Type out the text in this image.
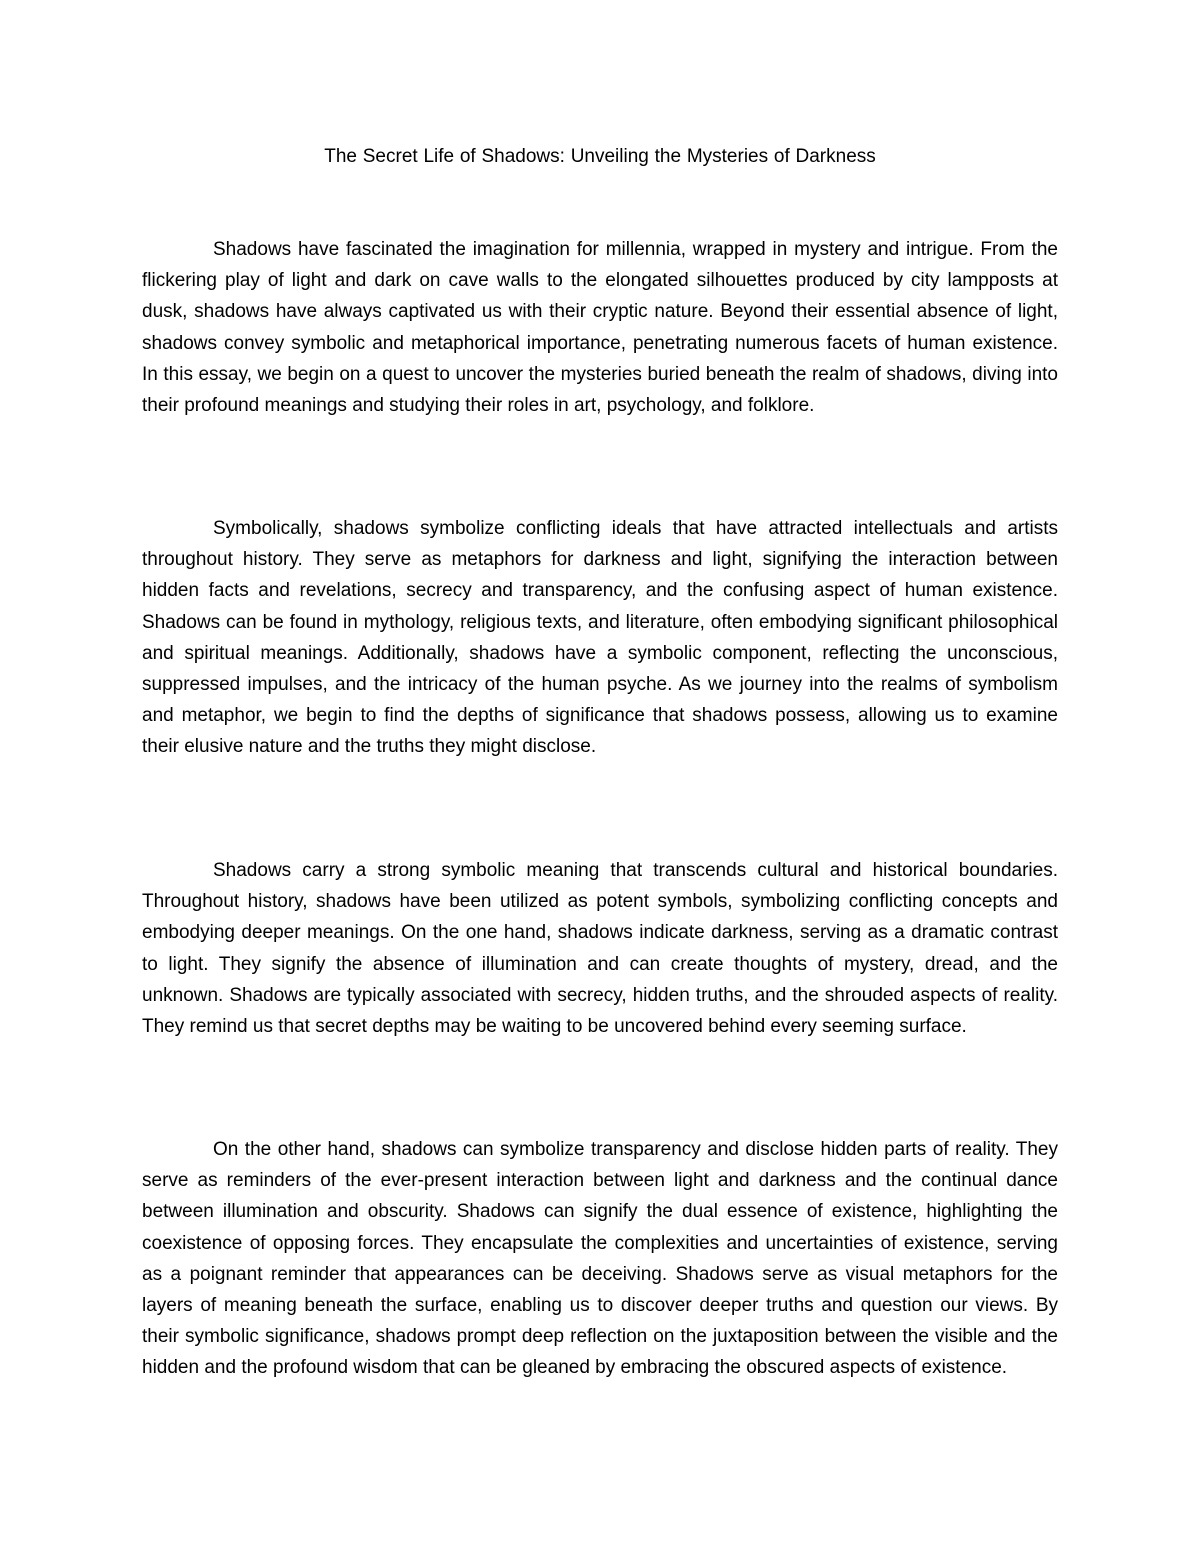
The Secret Life of Shadows: Unveiling the Mysteries of Darkness

Shadows have fascinated the imagination for millennia, wrapped in mystery and intrigue. From the flickering play of light and dark on cave walls to the elongated silhouettes produced by city lampposts at dusk, shadows have always captivated us with their cryptic nature. Beyond their essential absence of light, shadows convey symbolic and metaphorical importance, penetrating numerous facets of human existence. In this essay, we begin on a quest to uncover the mysteries buried beneath the realm of shadows, diving into their profound meanings and studying their roles in art, psychology, and folklore.

Symbolically, shadows symbolize conflicting ideals that have attracted intellectuals and artists throughout history. They serve as metaphors for darkness and light, signifying the interaction between hidden facts and revelations, secrecy and transparency, and the confusing aspect of human existence. Shadows can be found in mythology, religious texts, and literature, often embodying significant philosophical and spiritual meanings. Additionally, shadows have a symbolic component, reflecting the unconscious, suppressed impulses, and the intricacy of the human psyche. As we journey into the realms of symbolism and metaphor, we begin to find the depths of significance that shadows possess, allowing us to examine their elusive nature and the truths they might disclose.

Shadows carry a strong symbolic meaning that transcends cultural and historical boundaries. Throughout history, shadows have been utilized as potent symbols, symbolizing conflicting concepts and embodying deeper meanings. On the one hand, shadows indicate darkness, serving as a dramatic contrast to light. They signify the absence of illumination and can create thoughts of mystery, dread, and the unknown. Shadows are typically associated with secrecy, hidden truths, and the shrouded aspects of reality. They remind us that secret depths may be waiting to be uncovered behind every seeming surface.

On the other hand, shadows can symbolize transparency and disclose hidden parts of reality. They serve as reminders of the ever-present interaction between light and darkness and the continual dance between illumination and obscurity. Shadows can signify the dual essence of existence, highlighting the coexistence of opposing forces. They encapsulate the complexities and uncertainties of existence, serving as a poignant reminder that appearances can be deceiving. Shadows serve as visual metaphors for the layers of meaning beneath the surface, enabling us to discover deeper truths and question our views. By their symbolic significance, shadows prompt deep reflection on the juxtaposition between the visible and the hidden and the profound wisdom that can be gleaned by embracing the obscured aspects of existence.
